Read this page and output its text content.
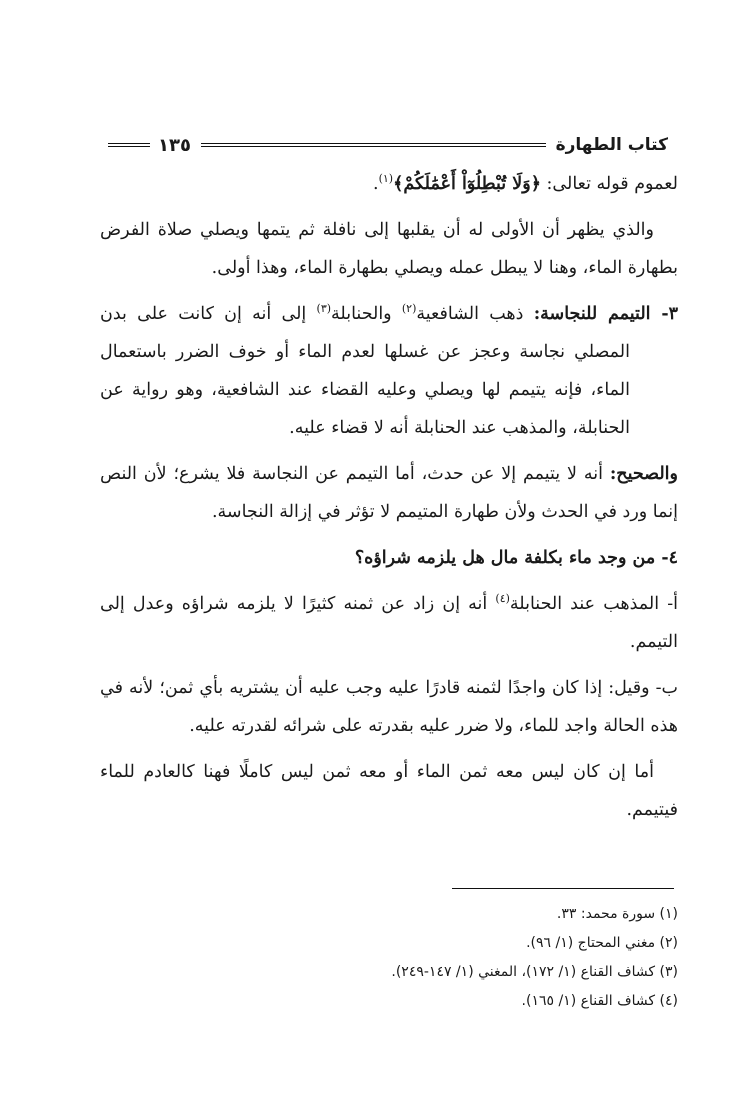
كتاب الطهارة
١٣٥

لعموم قوله تعالى: ﴿وَلَا تُبْطِلُوٓاْ أَعْمَٰلَكُمْ﴾$^{(١)}$.

والذي يظهر أن الأولى له أن يقلبها إلى نافلة ثم يتمها ويصلي صلاة الفرض بطهارة الماء، وهنا لا يبطل عمله ويصلي بطهارة الماء، وهذا أولى.

٣- التيمم للنجاسة: ذهب الشافعية$^{(٢)}$ والحنابلة$^{(٣)}$ إلى أنه إن كانت على بدن المصلي نجاسة وعجز عن غسلها لعدم الماء أو خوف الضرر باستعمال الماء، فإنه يتيمم لها ويصلي وعليه القضاء عند الشافعية، وهو رواية عن الحنابلة، والمذهب عند الحنابلة أنه لا قضاء عليه.

والصحيح: أنه لا يتيمم إلا عن حدث، أما التيمم عن النجاسة فلا يشرع؛ لأن النص إنما ورد في الحدث ولأن طهارة المتيمم لا تؤثر في إزالة النجاسة.

٤- من وجد ماء بكلفة مال هل يلزمه شراؤه؟

أ- المذهب عند الحنابلة$^{(٤)}$ أنه إن زاد عن ثمنه كثيرًا لا يلزمه شراؤه وعدل إلى التيمم.

ب- وقيل: إذا كان واجدًا لثمنه قادرًا عليه وجب عليه أن يشتريه بأي ثمن؛ لأنه في هذه الحالة واجد للماء، ولا ضرر عليه بقدرته على شرائه لقدرته عليه.

أما إن كان ليس معه ثمن الماء أو معه ثمن ليس كاملًا فهنا كالعادم للماء فيتيمم.

(١) سورة محمد: ٣٣.

(٢) مغني المحتاج (١/ ٩٦).

(٣) كشاف القناع (١/ ١٧٢)، المغني (١/ ١٤٧-٢٤٩).

(٤) كشاف القناع (١/ ١٦٥).
